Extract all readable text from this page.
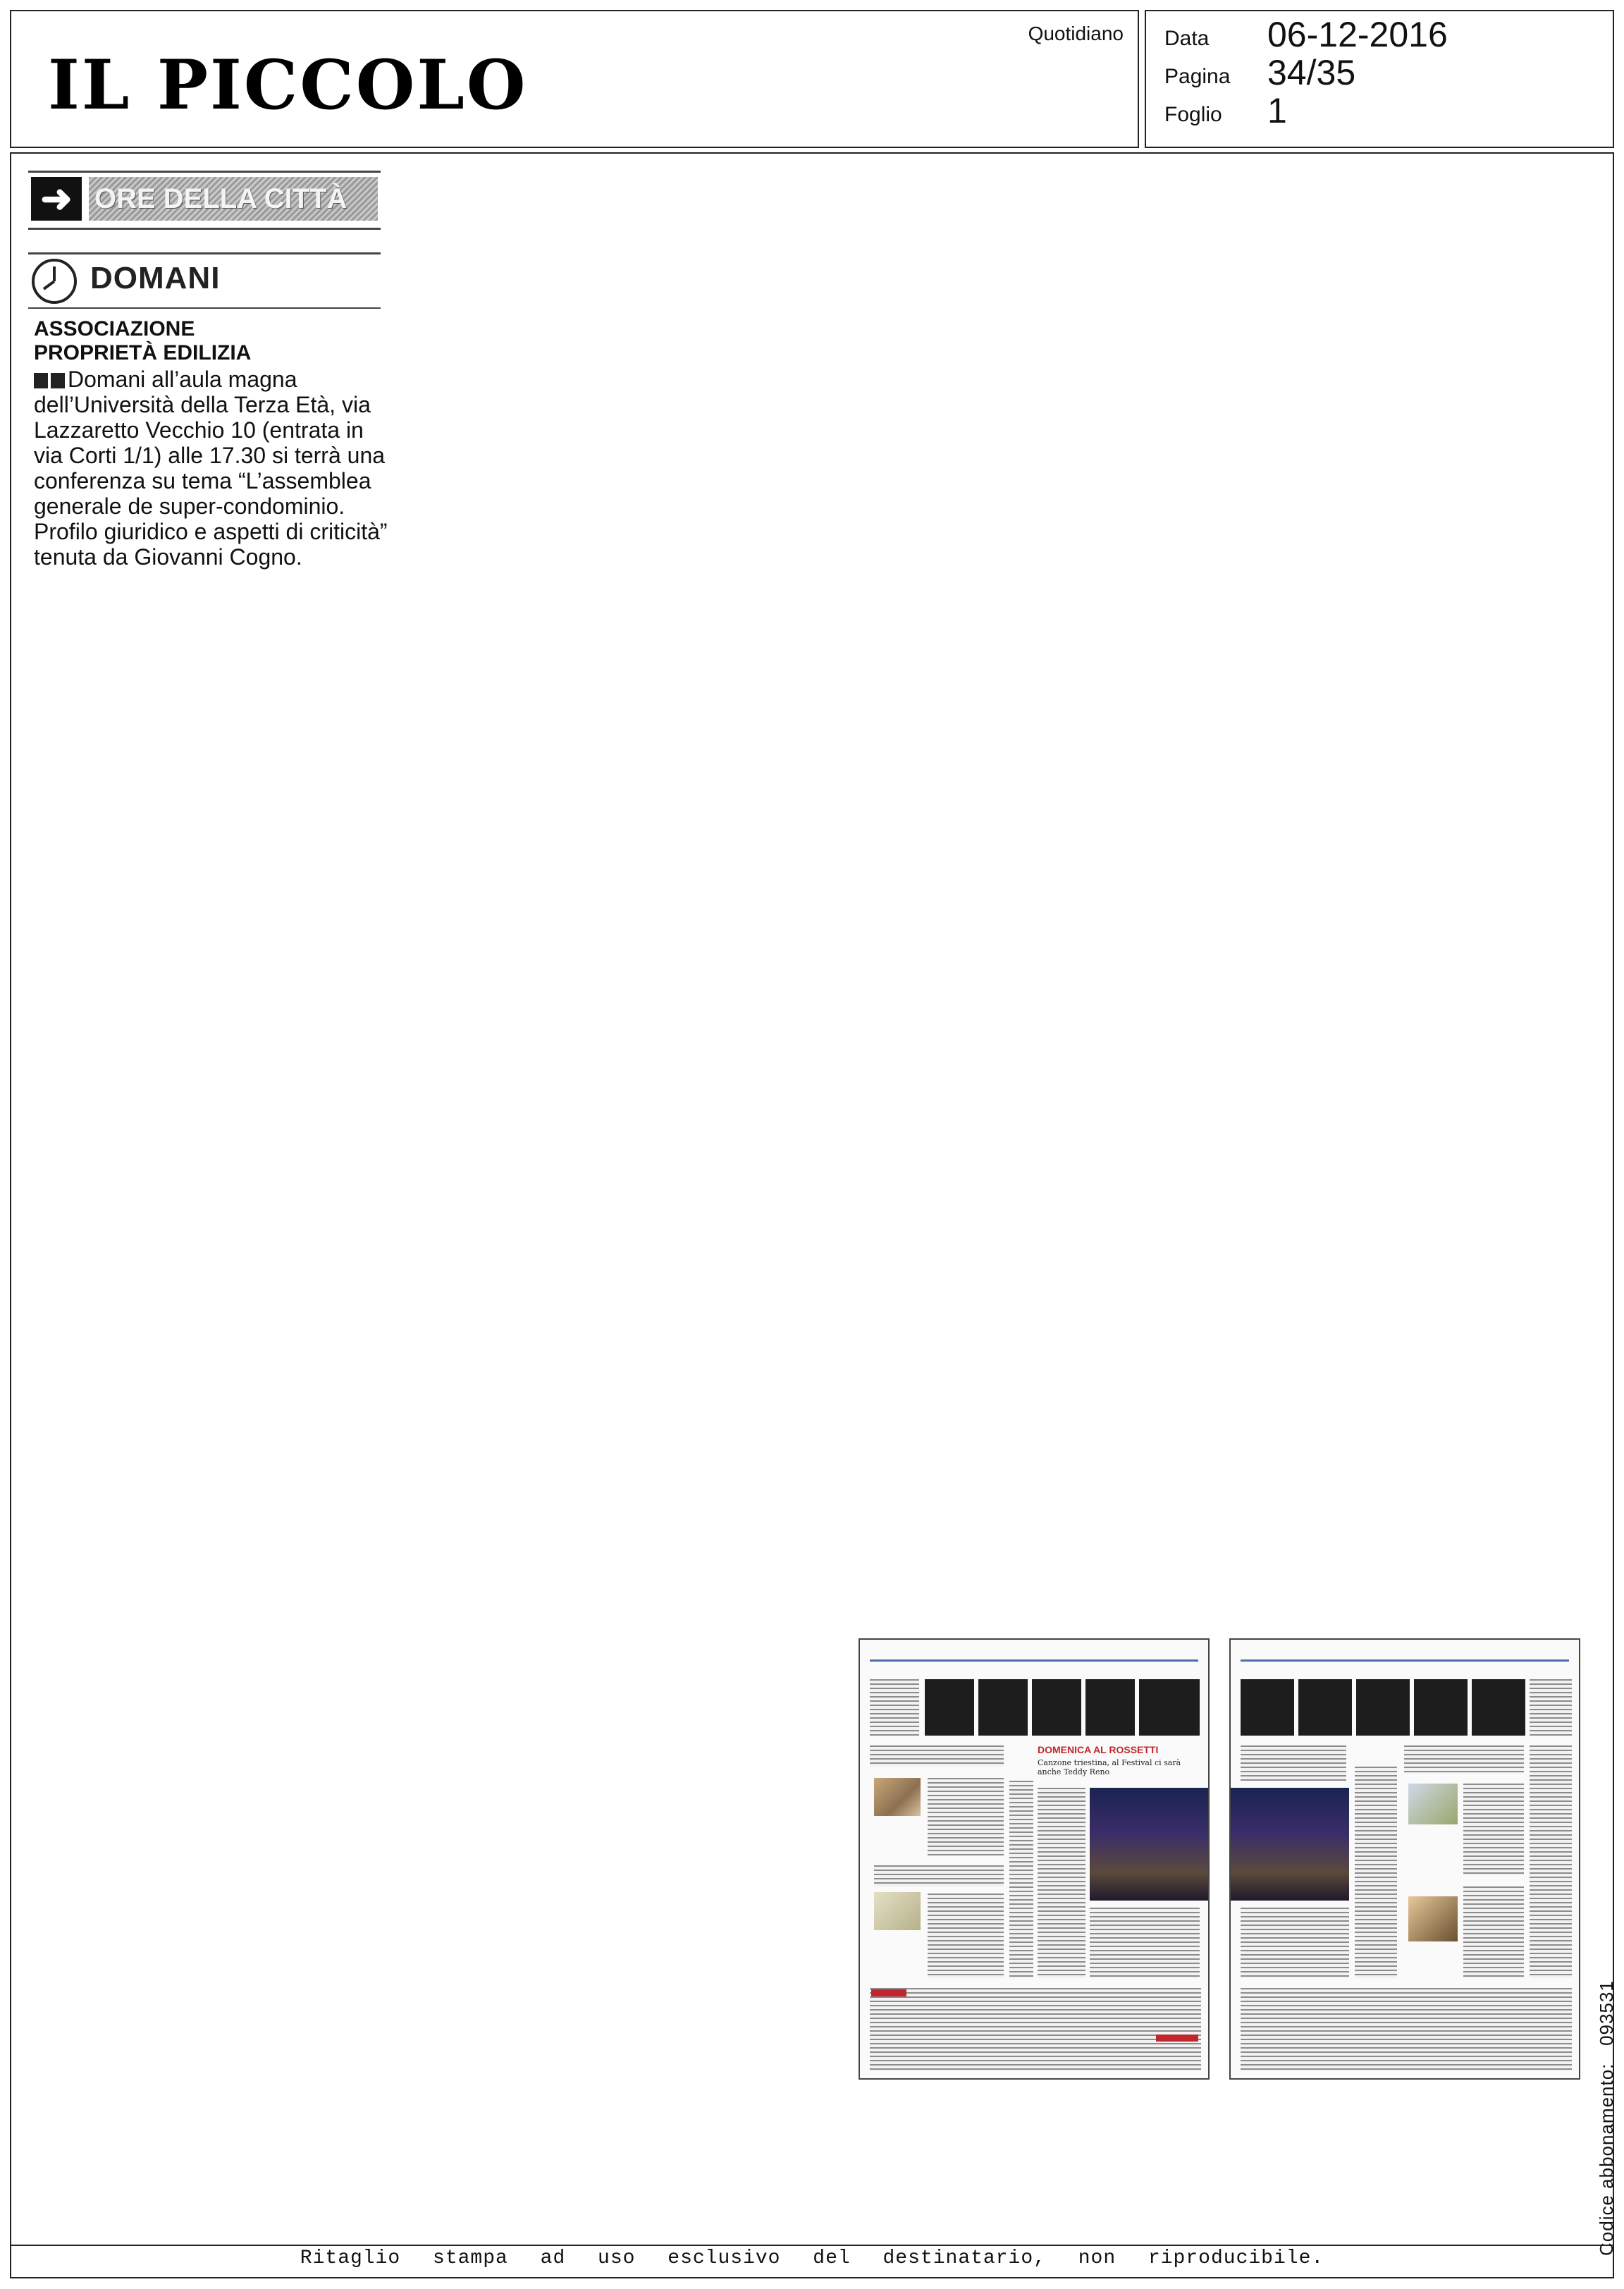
IL PICCOLO
Quotidiano Data 06-12-2016
Pagina 34/35
Foglio 1
➜ ORE DELLA CITTÀ
DOMANI
ASSOCIAZIONE
PROPRIETÀ EDILIZIA
Domani all’aula magna dell’Università della Terza Età, via Lazzaretto Vecchio 10 (entrata in via Corti 1/1) alle 17.30 si terrà una conferenza su tema “L’assemblea generale de super-condominio. Profilo giuridico e aspetti di criticità” tenuta da Giovanni Cogno.
DOMENICA AL ROSSETTI
Canzone triestina, al Festival ci sarà anche Teddy Reno
Codice abbonamento:   093531
Ritaglio stampa ad uso esclusivo del destinatario, non riproducibile.
